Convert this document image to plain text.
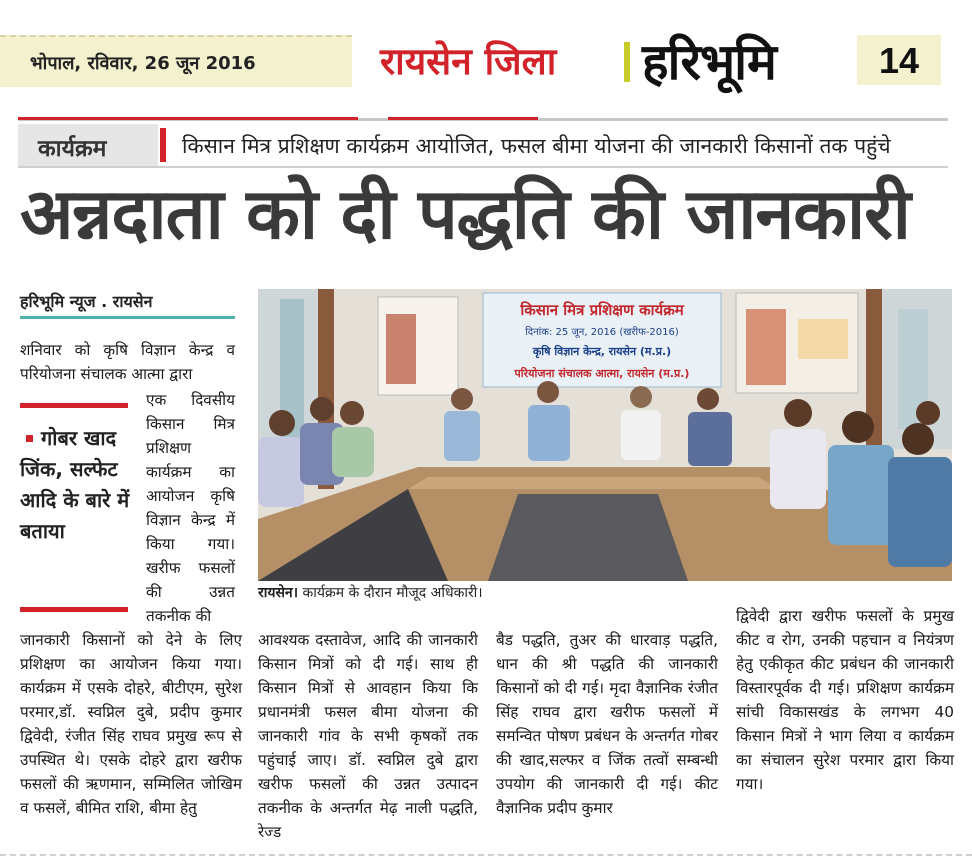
भोपाल, रविवार, 26 जून 2016	रायसेन जिला हरिभूमि	14
कार्यक्रम	किसान मित्र प्रशिक्षण कार्यक्रम आयोजित, फसल बीमा योजना की जानकारी किसानों तक पहुंचे
अन्नदाता को दी पद्धति की जानकारी
हरिभूमि न्यूज . रायसेन
शनिवार को कृषि विज्ञान केन्द्र व परियोजना संचालक आत्मा द्वारा
एक दिवसीय किसान मित्र प्रशिक्षण कार्यक्रम का आयोजन कृषि विज्ञान केन्द्र में किया गया। खरीफ फसलों की उन्नत तकनीक की
गोबर खाद जिंक, सल्फेट आदि के बारे में बताया
जानकारी किसानों को देने के लिए प्रशिक्षण का आयोजन किया गया। कार्यक्रम में एसके दोहरे, बीटीएम, सुरेश परमार,डॉ. स्वप्निल दुबे, प्रदीप कुमार द्विवेदी, रंजीत सिंह राघव प्रमुख रूप से उपस्थित थे। एसके दोहरे द्वारा खरीफ फसलों की ऋणमान, सम्मिलित जोखिम व फसलें, बीमित राशि, बीमा हेतु
आवश्यक दस्तावेज, आदि की जानकारी किसान मित्रों को दी गई। साथ ही किसान मित्रों से आवहान किया कि प्रधानमंत्री फसल बीमा योजना की जानकारी गांव के सभी कृषकों तक पहुंचाई जाए। डॉ. स्वप्निल दुबे द्वारा खरीफ फसलों की उन्नत उत्पादन तकनीक के अन्तर्गत मेढ़ नाली पद्धति, रेज्ड
बैड पद्धति, तुअर की धारवाड़ पद्धति, धान की श्री पद्धति की जानकारी किसानों को दी गई। मृदा वैज्ञानिक रंजीत सिंह राघव द्वारा खरीफ फसलों में समन्वित पोषण प्रबंधन के अन्तर्गत गोबर की खाद,सल्फर व जिंक तत्वों सम्बन्धी उपयोग की जानकारी दी गई। कीट वैज्ञानिक प्रदीप कुमार
द्विवेदी द्वारा खरीफ फसलों के प्रमुख कीट व रोग, उनकी पहचान व नियंत्रण हेतु एकीकृत कीट प्रबंधन की जानकारी विस्तारपूर्वक दी गई। प्रशिक्षण कार्यक्रम सांची विकासखंड के लगभग 40 किसान मित्रों ने भाग लिया व कार्यक्रम का संचालन सुरेश परमार द्वारा किया गया।
किसान मित्र प्रशिक्षण कार्यक्रम
दिनांक: 25 जून, 2016 (खरीफ-2016)
कृषि विज्ञान केन्द्र, रायसेन (म.प्र.)
परियोजना संचालक आत्मा, रायसेन (म.प्र.)
रायसेन। कार्यक्रम के दौरान मौजूद अधिकारी।
